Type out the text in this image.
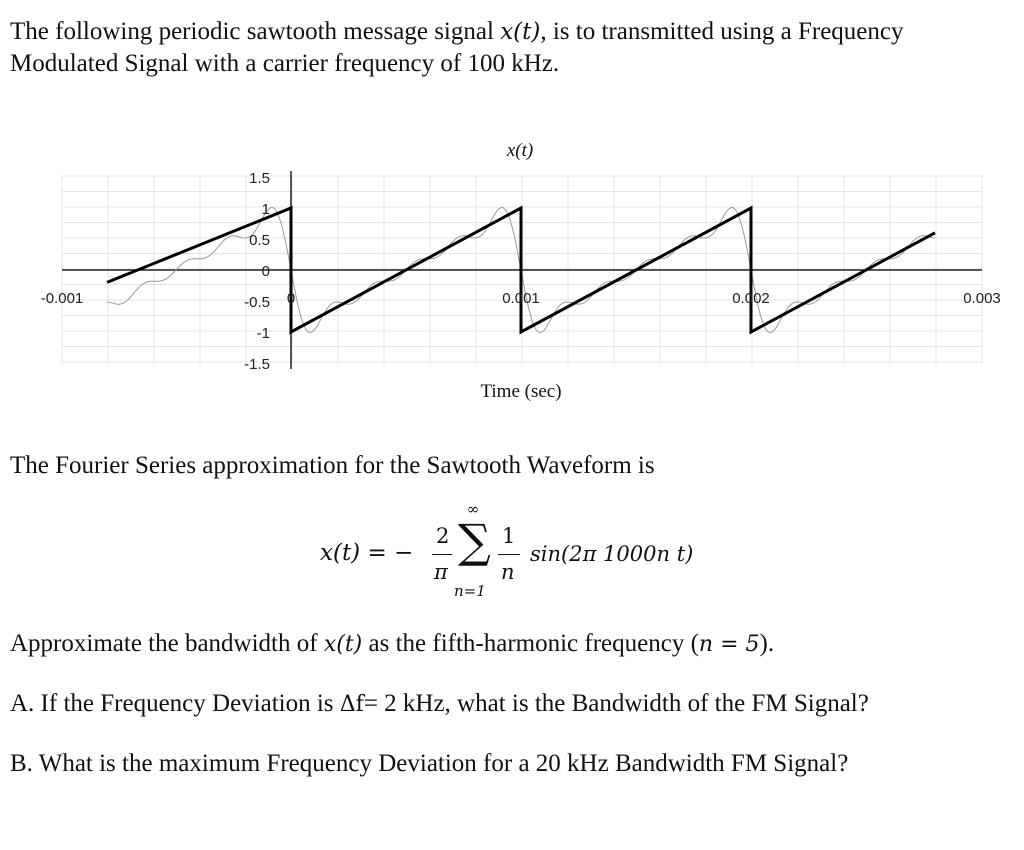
The following periodic sawtooth message signal x(t), is to transmitted using a Frequency Modulated Signal with a carrier frequency of 100 kHz.

x(t)
1.5
1
0.5
0
-0.5
-1
-1.5
-0.001	0	0.001	0.002	0.003
Time (sec)

The Fourier Series approximation for the Sawtooth Waveform is

x(t) = −
2
π
∞
∑
n=1
1
n
sin(2π 1000n t)

Approximate the bandwidth of x(t) as the fifth-harmonic frequency (n = 5).

A. If the Frequency Deviation is Δf= 2 kHz, what is the Bandwidth of the FM Signal?

B. What is the maximum Frequency Deviation for a 20 kHz Bandwidth FM Signal?
